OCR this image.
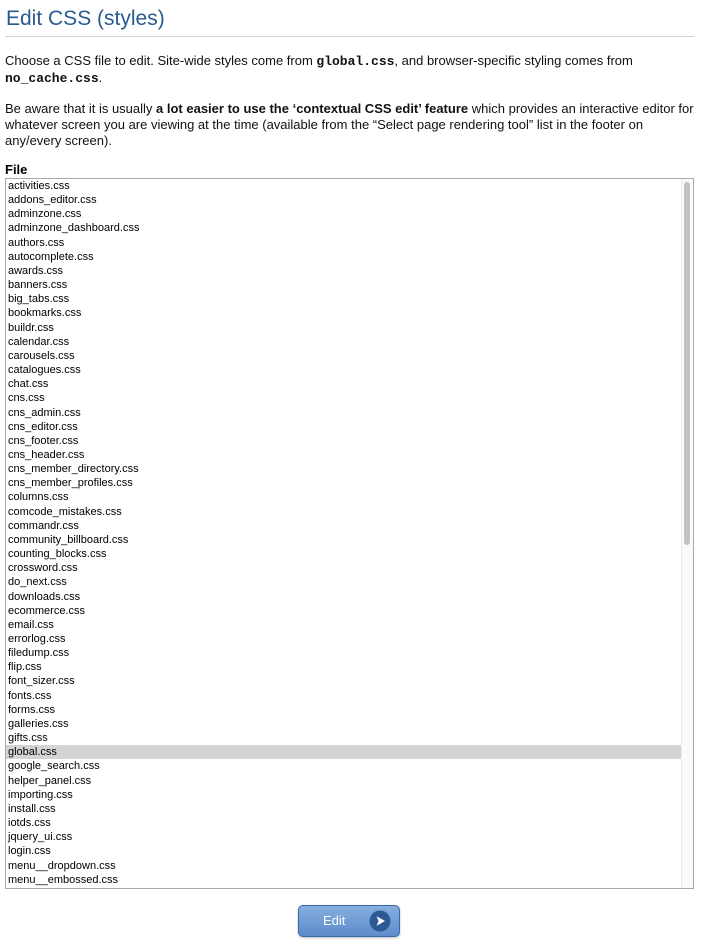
Edit CSS (styles)

Choose a CSS file to edit. Site-wide styles come from global.css, and browser-specific styling comes from no_cache.css.

Be aware that it is usually a lot easier to use the ‘contextual CSS edit’ feature which provides an interactive editor for whatever screen you are viewing at the time (available from the “Select page rendering tool” list in the footer on any/every screen).

File
activities.css
addons_editor.css
adminzone.css
adminzone_dashboard.css
authors.css
autocomplete.css
awards.css
banners.css
big_tabs.css
bookmarks.css
buildr.css
calendar.css
carousels.css
catalogues.css
chat.css
cns.css
cns_admin.css
cns_editor.css
cns_footer.css
cns_header.css
cns_member_directory.css
cns_member_profiles.css
columns.css
comcode_mistakes.css
commandr.css
community_billboard.css
counting_blocks.css
crossword.css
do_next.css
downloads.css
ecommerce.css
email.css
errorlog.css
filedump.css
flip.css
font_sizer.css
fonts.css
forms.css
galleries.css
gifts.css
global.css
google_search.css
helper_panel.css
importing.css
install.css
iotds.css
jquery_ui.css
login.css
menu__dropdown.css
menu__embossed.css
Edit
